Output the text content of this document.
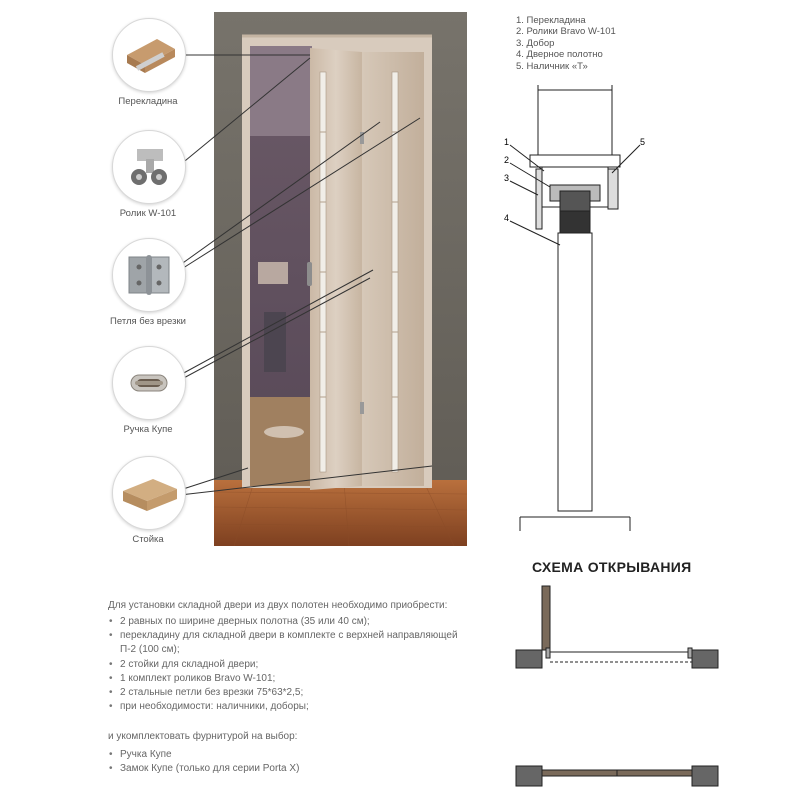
Перекладина
Ролик W-101
Петля без врезки
Ручка Купе
Стойка
1. Перекладина
2. Ролики Bravo W-101
3. Добор
4. Дверное полотно
5. Наличник «Т»
1
2
3
4
5
СХЕМА ОТКРЫВАНИЯ
Для установки складной двери из двух полотен необходимо приобрести:
• 2 равных по ширине дверных полотна (35 или 40 см);
• перекладину для складной двери в комплекте с верхней направляющей
П-2 (100 см);
• 2 стойки для складной двери;
• 1 комплект роликов Bravo W-101;
• 2 стальные петли без врезки 75*63*2,5;
• при необходимости: наличники, доборы;
и укомплектовать фурнитурой на выбор:
• Ручка Купе
• Замок Купе (только для серии Porta X)
